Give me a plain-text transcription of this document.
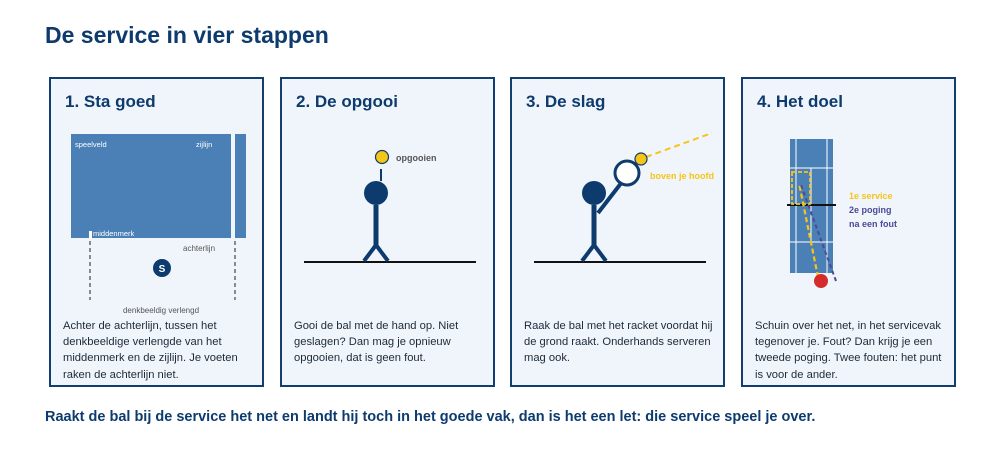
De service in vier stappen
1. Sta goed
speelveld	zijlijn
middenmerk
achterlijn
S
denkbeeldig verlengd
Achter de achterlijn, tussen het denkbeeldige verlengde van het middenmerk en de zijlijn. Je voeten raken de achterlijn niet.
2. De opgooi
opgooien
Gooi de bal met de hand op. Niet geslagen? Dan mag je opnieuw opgooien, dat is geen fout.
3. De slag
boven je hoofd
Raak de bal met het racket voordat hij de grond raakt. Onderhands serveren mag ook.
4. Het doel
1e service
2e poging
na een fout
Schuin over het net, in het servicevak tegenover je. Fout? Dan krijg je een tweede poging. Twee fouten: het punt is voor de ander.
Raakt de bal bij de service het net en landt hij toch in het goede vak, dan is het een let: die service speel je over.
